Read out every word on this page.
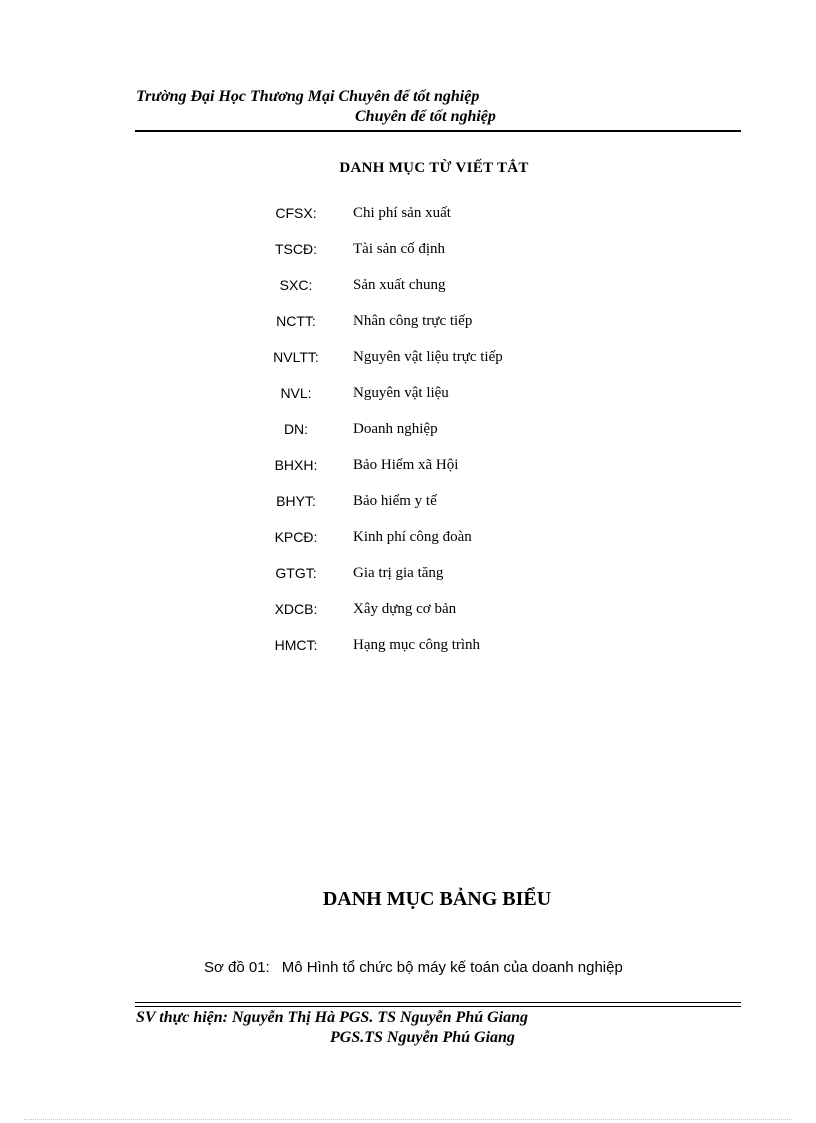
Trường Đại Học Thương Mại Chuyên để tốt nghiệp
Chuyên để tốt nghiệp
DANH MỤC TỪ VIẾT TẮT
CFSX:	Chi phí sản xuất
TSCĐ:	Tài sản cố định
SXC:	Sản xuất chung
NCTT:	Nhân công trực tiếp
NVLTT:	Nguyên vật liệu trực tiếp
NVL:	Nguyên vật liệu
DN:	Doanh nghiệp
BHXH:	Bảo Hiểm xã Hội
BHYT:	Bảo hiểm y tế
KPCĐ:	Kinh phí công đoàn
GTGT:	Gia trị gia tăng
XDCB:	Xây dựng cơ bản
HMCT:	Hạng mục công trình
DANH MỤC BẢNG BIỂU
Sơ đồ 01: Mô Hình tổ chức bộ máy kế toán của doanh nghiệp
SV thực hiện: Nguyễn Thị Hà PGS. TS Nguyễn Phú Giang
PGS.TS Nguyễn Phú Giang
